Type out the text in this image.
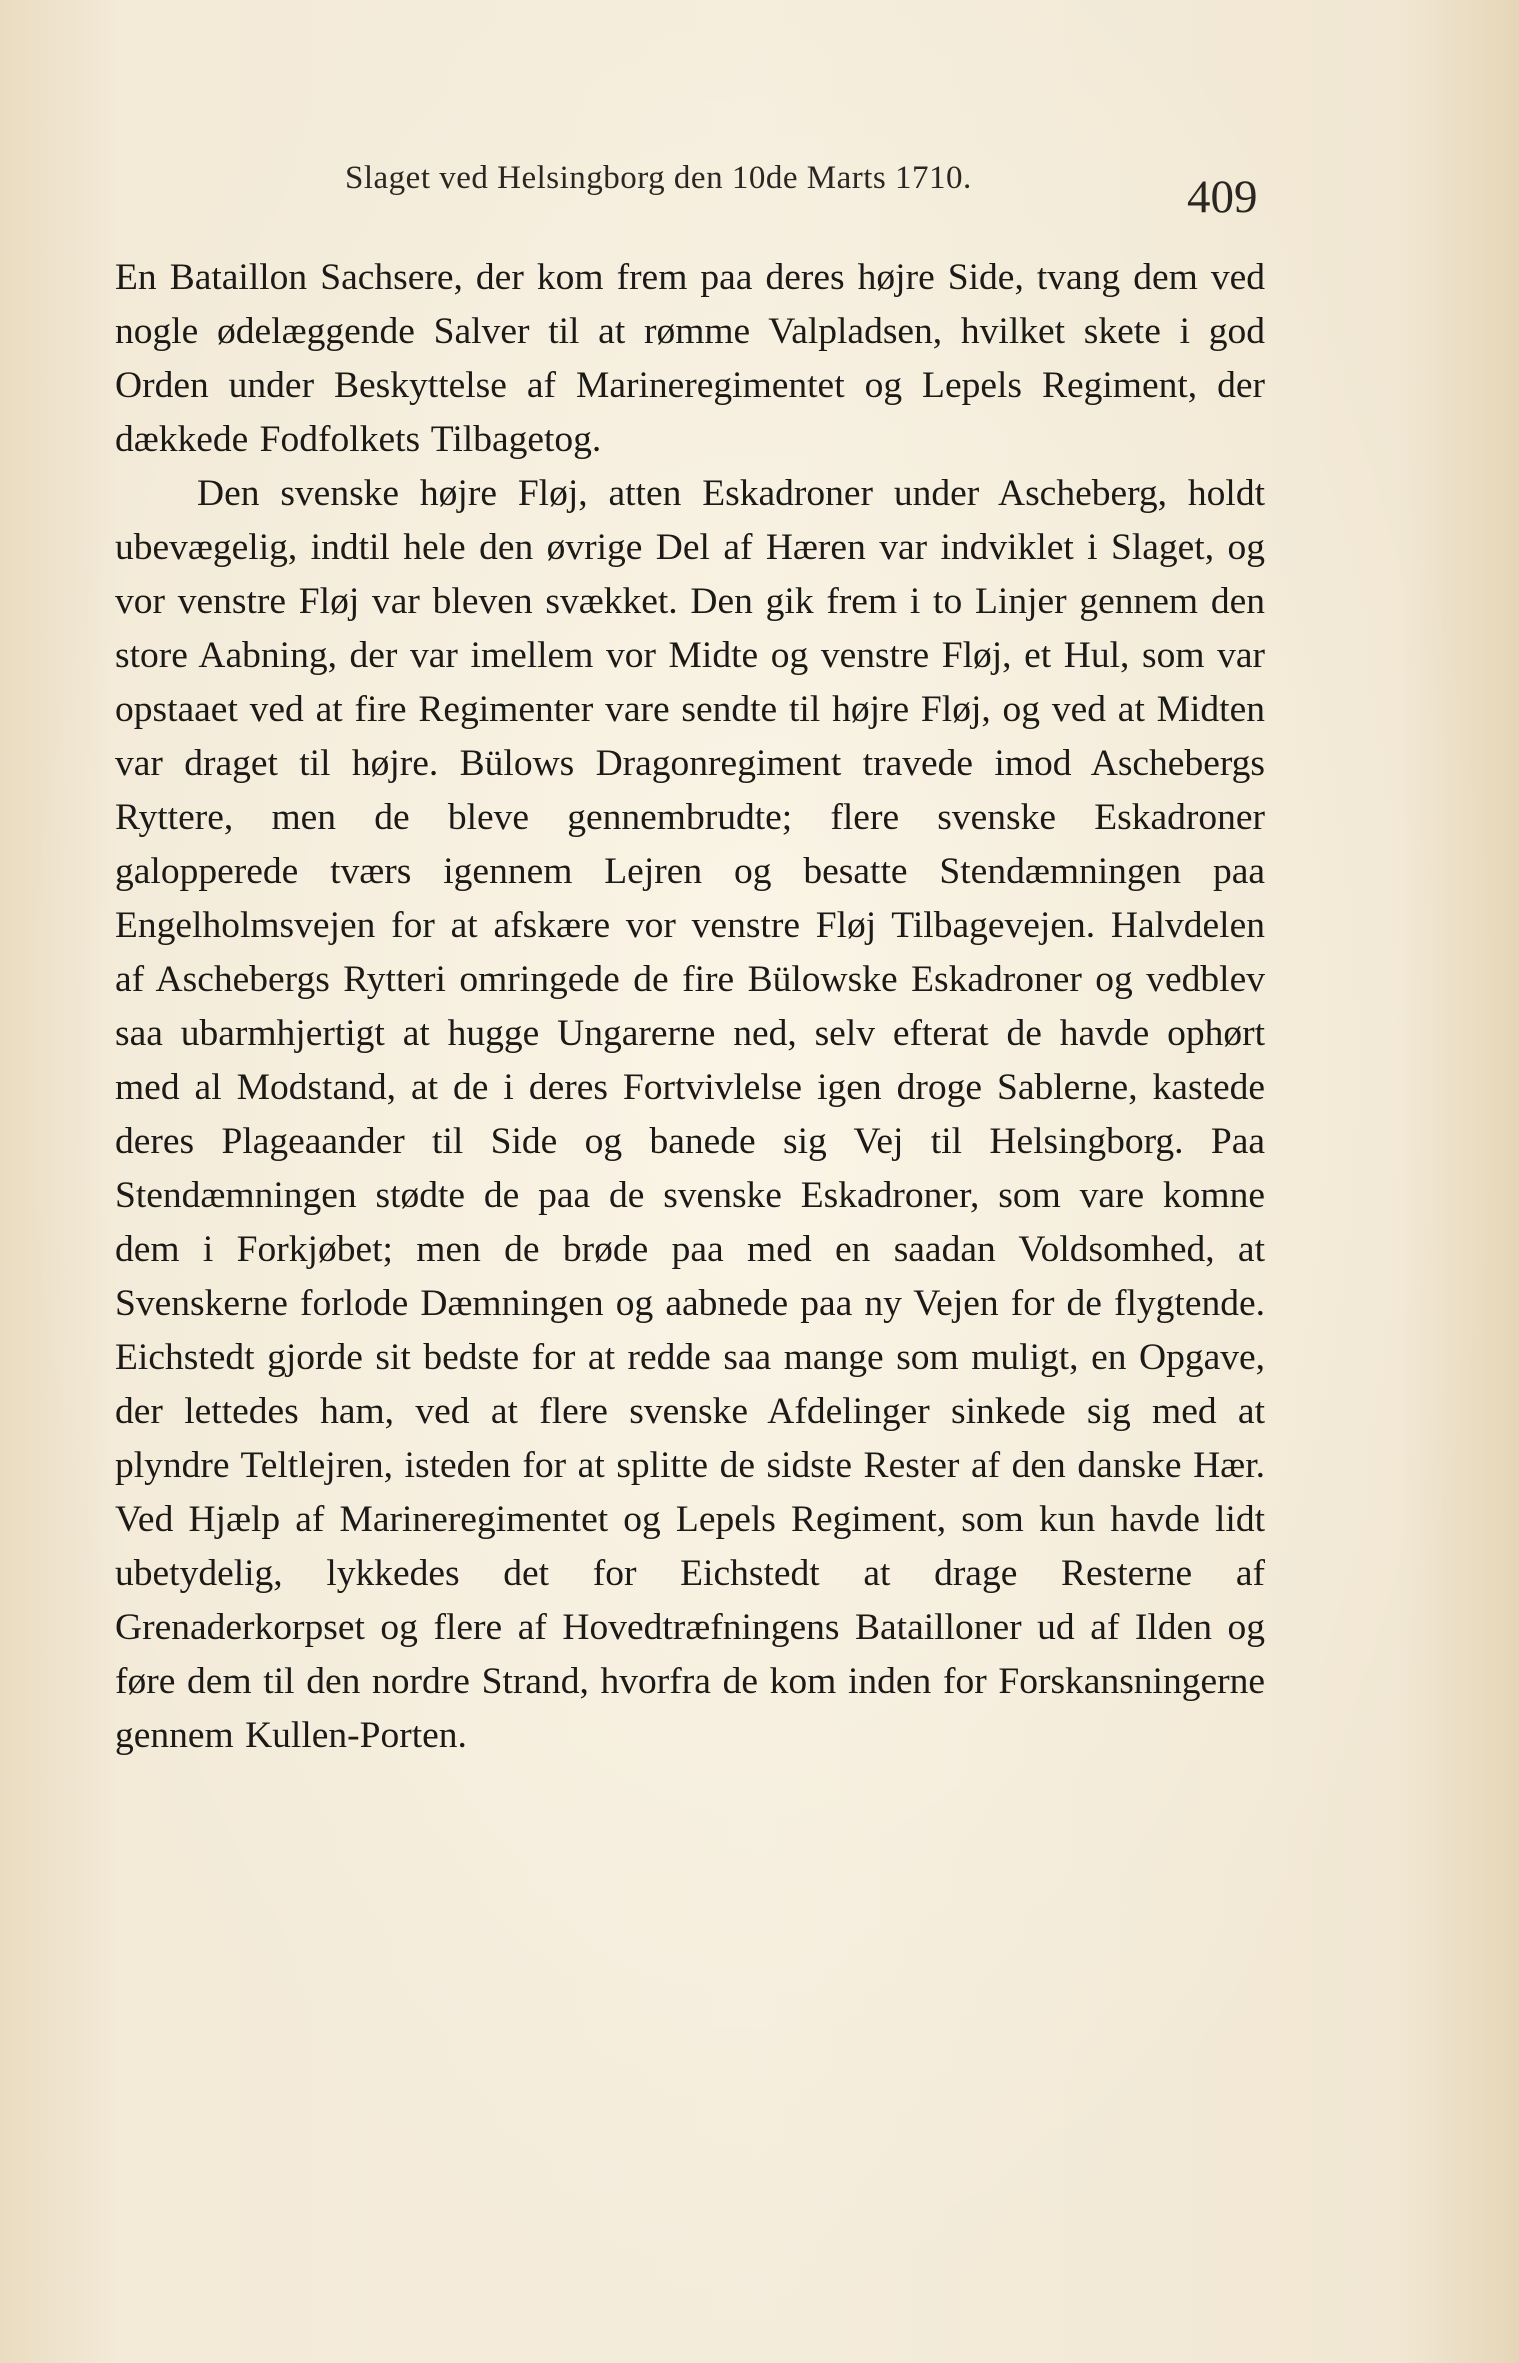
Slaget ved Helsingborg den 10de Marts 1710.	409

En Bataillon Sachsere, der kom frem paa deres højre Side, tvang dem ved nogle ødelæggende Salver til at rømme Valpladsen, hvilket skete i god Orden under Beskyttelse af Marineregimentet og Lepels Regiment, der dækkede Fodfolkets Tilbagetog.

Den svenske højre Fløj, atten Eskadroner under Ascheberg, holdt ubevægelig, indtil hele den øvrige Del af Hæren var indviklet i Slaget, og vor venstre Fløj var bleven svækket. Den gik frem i to Linjer gennem den store Aabning, der var imellem vor Midte og venstre Fløj, et Hul, som var opstaaet ved at fire Regimenter vare sendte til højre Fløj, og ved at Midten var draget til højre. Bülows Dragonregiment travede imod Aschebergs Ryttere, men de bleve gennembrudte; flere svenske Eskadroner galopperede tværs igennem Lejren og besatte Stendæmningen paa Engelholmsvejen for at afskære vor venstre Fløj Tilbagevejen. Halvdelen af Aschebergs Rytteri omringede de fire Bülowske Eskadroner og vedblev saa ubarmhjertigt at hugge Ungarerne ned, selv efterat de havde ophørt med al Modstand, at de i deres Fortvivlelse igen droge Sablerne, kastede deres Plageaander til Side og banede sig Vej til Helsingborg. Paa Stendæmningen stødte de paa de svenske Eskadroner, som vare komne dem i Forkjøbet; men de brøde paa med en saadan Voldsomhed, at Svenskerne forlode Dæmningen og aabnede paa ny Vejen for de flygtende. Eichstedt gjorde sit bedste for at redde saa mange som muligt, en Opgave, der lettedes ham, ved at flere svenske Afdelinger sinkede sig med at plyndre Teltlejren, isteden for at splitte de sidste Rester af den danske Hær. Ved Hjælp af Marineregimentet og Lepels Regiment, som kun havde lidt ubetydelig, lykkedes det for Eichstedt at drage Resterne af Grenaderkorpset og flere af Hovedtræfningens Batailloner ud af Ilden og føre dem til den nordre Strand, hvorfra de kom inden for Forskansningerne gennem Kullen-Porten.
